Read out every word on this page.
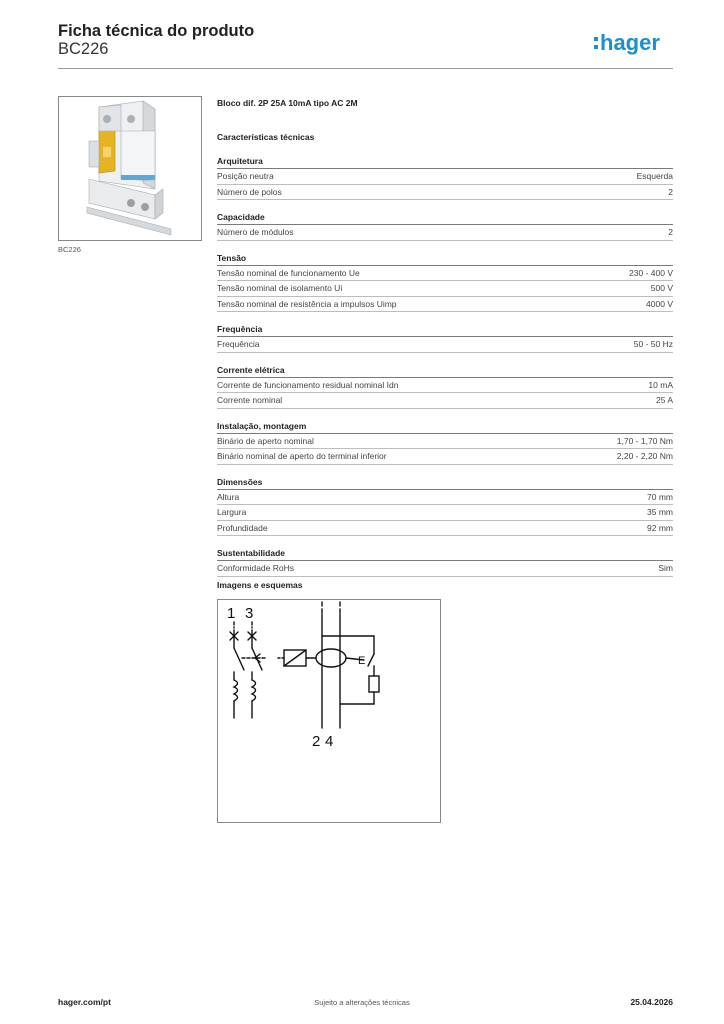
Ficha técnica do produto
BC226	hager
BC226
Bloco dif. 2P 25A 10mA tipo AC 2M
Características técnicas
Arquitetura
Posição neutra	Esquerda
Número de polos	2
Capacidade
Número de módulos	2
Tensão
Tensão nominal de funcionamento Ue	230 - 400 V
Tensão nominal de isolamento Ui	500 V
Tensão nominal de resistência a impulsos Uimp	4000 V
Frequência
Frequência	50 - 50 Hz
Corrente elétrica
Corrente de funcionamento residual nominal Idn	10 mA
Corrente nominal	25 A
Instalação, montagem
Binário de aperto nominal	1,70 - 1,70 Nm
Binário nominal de aperto do terminal inferior	2,20 - 2,20 Nm
Dimensões
Altura	70 mm
Largura	35 mm
Profundidade	92 mm
Sustentabilidade
Conformidade RoHs	Sim
Imagens e esquemas
1 3
2 4
E
hager.com/pt	Sujeito a alterações técnicas	25.04.2026
